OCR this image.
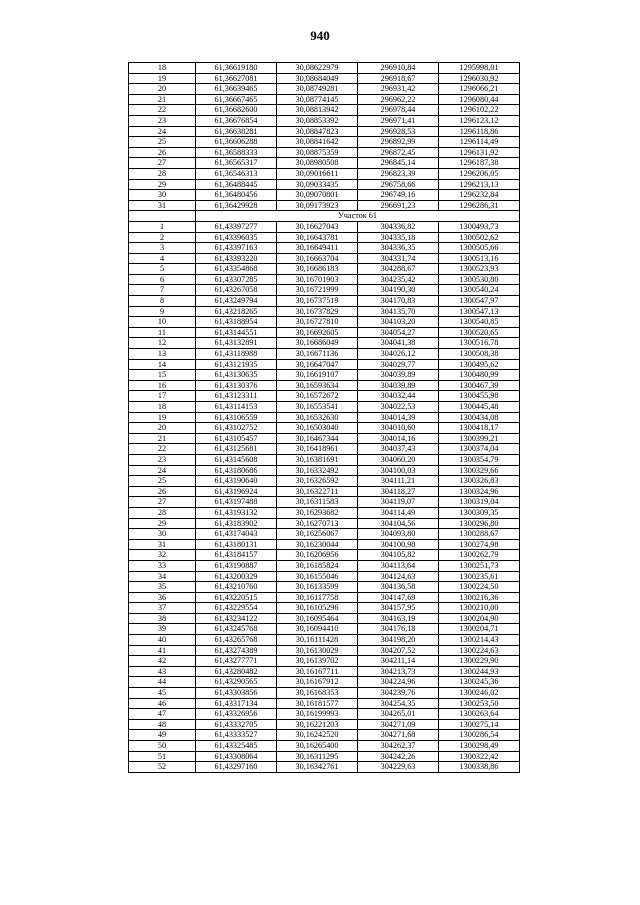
940
18	61,36619180	30,08622979	296910,84	1295998,01
19	61,36627081	30,08684049	296918,67	1296030,92
20	61,36639465	30,08749281	296931,42	1296066,21
21	61,36667465	30,08774145	296962,22	1296080,44
22	61,36682600	30,08813942	296978,44	1296102,22
23	61,36676854	30,08853392	296971,41	1296123,12
24	61,36638281	30,08847823	296928,53	1296118,86
25	61,36606288	30,08841642	296892,99	1296114,49
26	61,36588333	30,08875359	296872,45	1296131,92
27	61,36565317	30,08980508	296845,14	1296187,38
28	61,36546313	30,09016611	296823,39	1296206,05
29	61,36488445	30,09033435	296758,66	1296213,13
30	61,36480456	30,09070801	296749,16	1296232,84
31	61,36429928	30,09173923	296691,23	1296286,31
	Участок 61			
1	61,43397277	30,16627043	304336,82	1300493,73
2	61,43396035	30,16643781	304335,18	1300502,62
3	61,43397163	30,16649411	304336,35	1300505,66
4	61,43393220	30,16663704	304331,74	1300513,16
5	61,43354868	30,16686183	304288,67	1300523,93
6	61,43307285	30,16701903	304235,42	1300530,80
7	61,43267058	30,16721999	304190,30	1300540,24
8	61,43249794	30,16737519	304170,83	1300547,97
9	61,43218265	30,16737829	304135,70	1300547,13
10	61,43188954	30,16727810	304103,20	1300540,85
11	61,43144551	30,16692605	304054,27	1300520,65
12	61,43132891	30,16686049	304041,38	1300516,78
13	61,43118988	30,16671136	304026,12	1300508,38
14	61,43121935	30,16647047	304029,77	1300495,62
15	61,43130635	30,16619107	304039,89	1300480,99
16	61,43130376	30,16593634	304039,89	1300467,39
17	61,43123311	30,16572672	304032,44	1300455,98
18	61,43114153	30,16553541	304022,53	1300445,48
19	61,43106559	30,16532630	304014,39	1300434,08
20	61,43102752	30,16503040	304010,60	1300418,17
21	61,43105457	30,16467344	304014,16	1300399,21
22	61,43125681	30,16418961	304037,43	1300374,04
23	61,43145608	30,16381691	304060,20	1300354,79
24	61,43180686	30,16332492	304100,03	1300329,66
25	61,43190640	30,16326592	304111,21	1300326,83
26	61,43196924	30,16322711	304118,27	1300324,96
27	61,43197488	30,16311583	304119,07	1300319,04
28	61,43193132	30,16293682	304114,49	1300309,35
29	61,43183902	30,16270713	304104,56	1300296,80
30	61,43174043	30,16256067	304093,80	1300288,67
31	61,43180131	30,16230044	304100,98	1300274,98
32	61,43184157	30,16206956	304105,82	1300262,79
33	61,43190887	30,16185824	304113,64	1300251,73
34	61,43200329	30,16155046	304124,63	1300235,61
35	61,43210760	30,16133599	304136,58	1300224,50
36	61,43220515	30,16117758	304147,69	1300216,36
37	61,43229554	30,16105296	304157,95	1300210,00
38	61,43234122	30,16095464	304163,19	1300204,90
39	61,43245768	30,16094410	304176,18	1300204,71
40	61,43265768	30,16111428	304198,20	1300214,43
41	61,43274389	30,16130029	304207,52	1300224,63
42	61,43277771	30,16139702	304211,14	1300229,90
43	61,43280482	30,16167711	304213,73	1300244,93
44	61,43290565	30,16167912	304224,96	1300245,36
45	61,43303856	30,16168353	304239,76	1300246,02
46	61,43317134	30,16181577	304254,35	1300253,50
47	61,43326956	30,16199993	304265,01	1300263,64
48	61,43332705	30,16221203	304271,09	1300275,14
49	61,43333527	30,16242520	304271,68	1300286,54
50	61,43325485	30,16265400	304262,37	1300298,49
51	61,43308064	30,16311295	304242,26	1300322,42
52	61,43297160	30,16342761	304229,63	1300338,86
